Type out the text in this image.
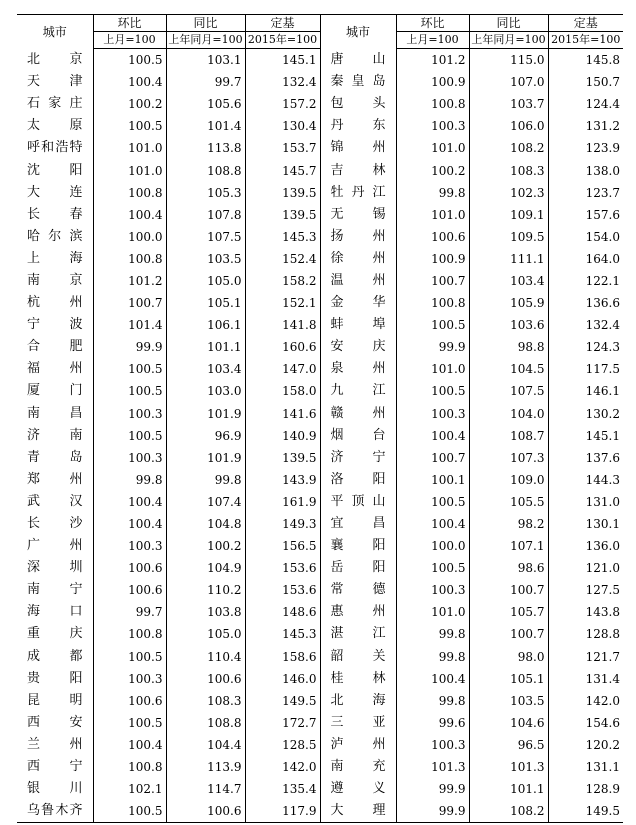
城市	环比	同比	定基	城市	环比	同比	定基
	上月=100	上年同月=100	2015年=100		上月=100	上年同月=100	2015年=100
北京	100.5	103.1	145.1	唐山	101.2	115.0	145.8
天津	100.4	99.7	132.4	秦皇岛	100.9	107.0	150.7
石家庄	100.2	105.6	157.2	包头	100.8	103.7	124.4
太原	100.5	101.4	130.4	丹东	100.3	106.0	131.2
呼和浩特	101.0	113.8	153.7	锦州	101.0	108.2	123.9
沈阳	101.0	108.8	145.7	吉林	100.2	108.3	138.0
大连	100.8	105.3	139.5	牡丹江	99.8	102.3	123.7
长春	100.4	107.8	139.5	无锡	101.0	109.1	157.6
哈尔滨	100.0	107.5	145.3	扬州	100.6	109.5	154.0
上海	100.8	103.5	152.4	徐州	100.9	111.1	164.0
南京	101.2	105.0	158.2	温州	100.7	103.4	122.1
杭州	100.7	105.1	152.1	金华	100.8	105.9	136.6
宁波	101.4	106.1	141.8	蚌埠	100.5	103.6	132.4
合肥	99.9	101.1	160.6	安庆	99.9	98.8	124.3
福州	100.5	103.4	147.0	泉州	101.0	104.5	117.5
厦门	100.5	103.0	158.0	九江	100.5	107.5	146.1
南昌	100.3	101.9	141.6	赣州	100.3	104.0	130.2
济南	100.5	96.9	140.9	烟台	100.4	108.7	145.1
青岛	100.3	101.9	139.5	济宁	100.7	107.3	137.6
郑州	99.8	99.8	143.9	洛阳	100.1	109.0	144.3
武汉	100.4	107.4	161.9	平顶山	100.5	105.5	131.0
长沙	100.4	104.8	149.3	宜昌	100.4	98.2	130.1
广州	100.3	100.2	156.5	襄阳	100.0	107.1	136.0
深圳	100.6	104.9	153.6	岳阳	100.5	98.6	121.0
南宁	100.6	110.2	153.6	常德	100.3	100.7	127.5
海口	99.7	103.8	148.6	惠州	101.0	105.7	143.8
重庆	100.8	105.0	145.3	湛江	99.8	100.7	128.8
成都	100.5	110.4	158.6	韶关	99.8	98.0	121.7
贵阳	100.3	100.6	146.0	桂林	100.4	105.1	131.4
昆明	100.6	108.3	149.5	北海	99.8	103.5	142.0
西安	100.5	108.8	172.7	三亚	99.6	104.6	154.6
兰州	100.4	104.4	128.5	泸州	100.3	96.5	120.2
西宁	100.8	113.9	142.0	南充	101.3	101.3	131.1
银川	102.1	114.7	135.4	遵义	99.9	101.1	128.9
乌鲁木齐	100.5	100.6	117.9	大理	99.9	108.2	149.5
